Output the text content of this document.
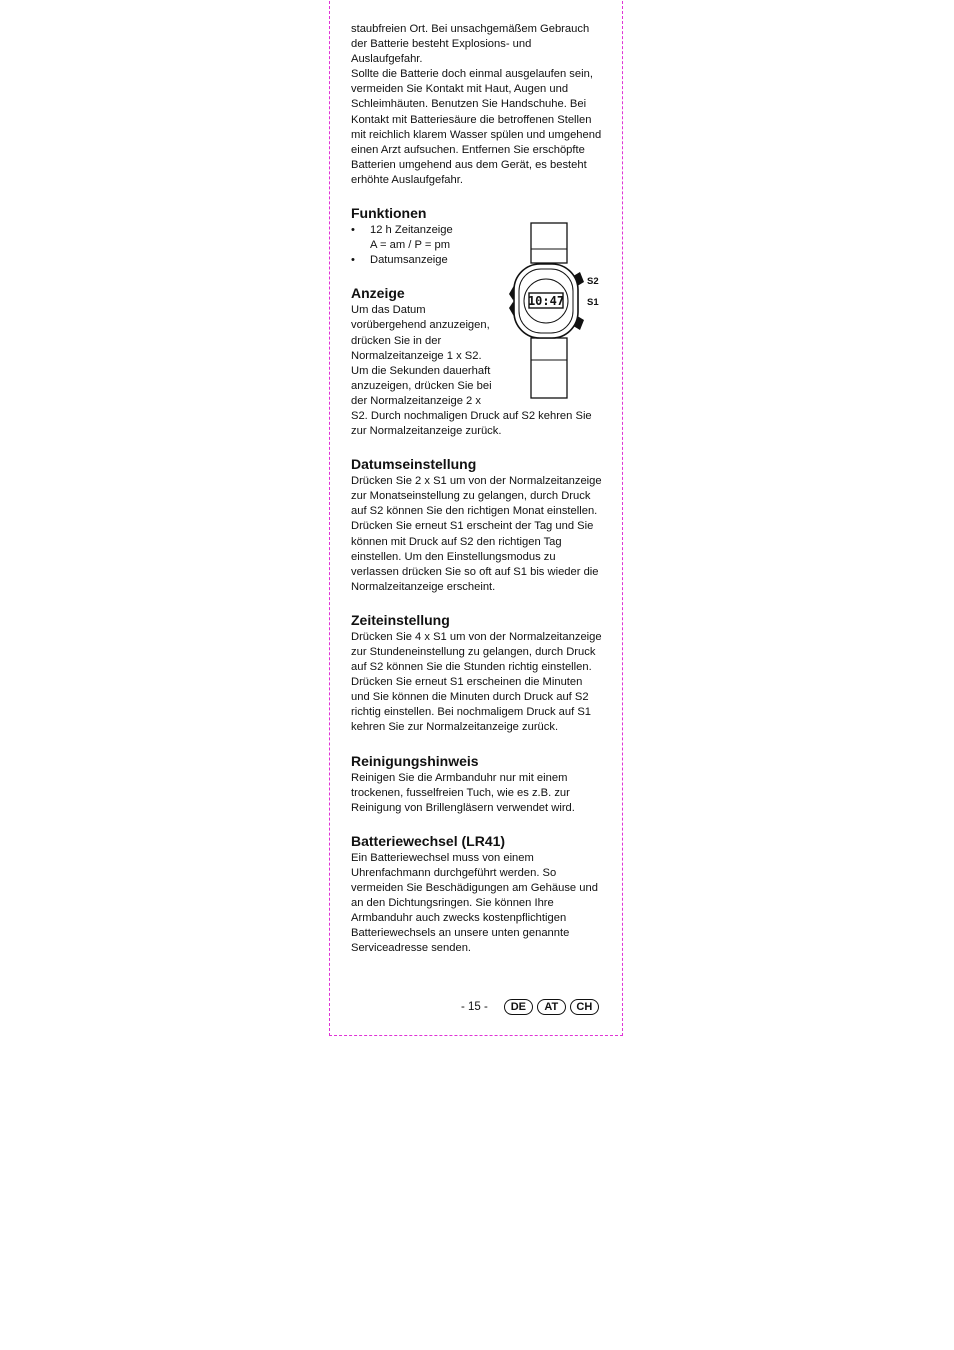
staubfreien Ort. Bei unsachgemäßem Gebrauch der Batterie besteht Explosions- und Auslaufgefahr.

Sollte die Batterie doch einmal ausgelaufen sein, vermeiden Sie Kontakt mit Haut, Augen und Schleimhäuten. Benutzen Sie Handschuhe. Bei Kontakt mit Batteriesäure die betroffenen Stellen mit reichlich klarem Wasser spülen und umgehend einen Arzt aufsuchen. Entfernen Sie erschöpfte Batterien umgehend aus dem Gerät, es besteht erhöhte Auslaufgefahr.

Funktionen
• 12 h Zeitanzeige
A = am / P = pm
• Datumsanzeige
Anzeige

Um das Datum vorübergehend anzuzeigen, drücken Sie in der Normalzeitanzeige 1 x S2. Um die Sekunden dauerhaft anzuzeigen, drücken Sie bei der Normalzeitanzeige 2 x

S2. Durch nochmaligen Druck auf S2 kehren Sie zur Normalzeitanzeige zurück.

Datumseinstellung

Drücken Sie 2 x S1 um von der Normalzeitanzeige zur Monatseinstellung zu gelangen, durch Druck auf S2 können Sie den richtigen Monat einstellen. Drücken Sie erneut S1 erscheint der Tag und Sie können mit Druck auf S2 den richtigen Tag einstellen. Um den Einstellungsmodus zu verlassen drücken Sie so oft auf S1 bis wieder die Normalzeitanzeige erscheint.

Zeiteinstellung

Drücken Sie 4 x S1 um von der Normalzeitanzeige zur Stundeneinstellung zu gelangen, durch Druck auf S2 können Sie die Stunden richtig einstellen. Drücken Sie erneut S1 erscheinen die Minuten und Sie können die Minuten durch Druck auf S2 richtig einstellen. Bei nochmaligem Druck auf S1 kehren Sie zur Normalzeitanzeige zurück.

Reinigungshinweis

Reinigen Sie die Armbanduhr nur mit einem trockenen, fusselfreien Tuch, wie es z.B. zur Reinigung von Brillengläsern verwendet wird.

Batteriewechsel (LR41)

Ein Batteriewechsel muss von einem Uhrenfachmann durchgeführt werden. So vermeiden Sie Beschädigungen am Gehäuse und an den Dichtungsringen. Sie können Ihre Armbanduhr auch zwecks kostenpflichtigen Batteriewechsels an unsere unten genannte Serviceadresse senden.

10:47
S2
S1
- 15 -	DE	AT	CH
